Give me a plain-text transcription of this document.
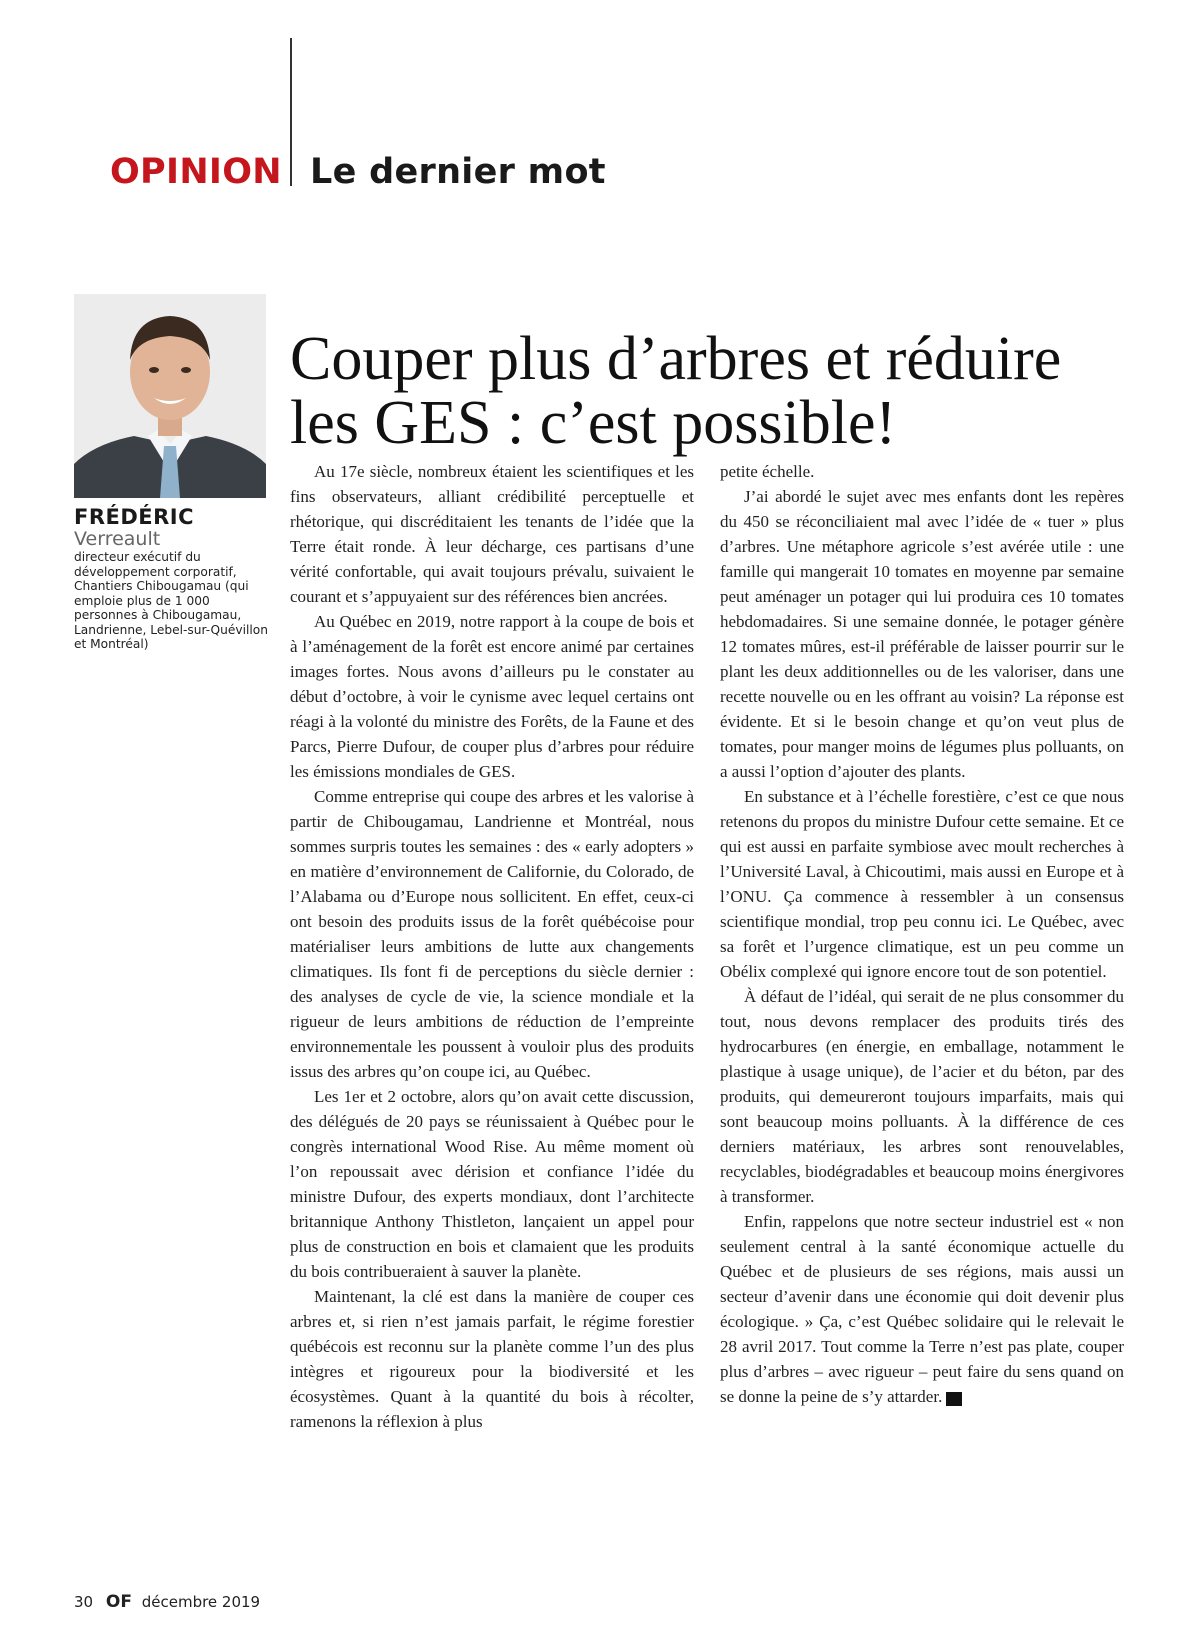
OPINION Le dernier mot
Couper plus d’arbres et réduire
les GES : c’est possible!
FRÉDÉRIC
Verreault
directeur exécutif du développement corporatif, Chantiers Chibougamau (qui emploie plus de 1 000 personnes à Chibougamau, Landrienne, Lebel-sur-Quévillon et Montréal)

Au 17e siècle, nombreux étaient les scientifiques et les fins observateurs, alliant crédibilité perceptuelle et rhétorique, qui discréditaient les tenants de l’idée que la Terre était ronde. À leur décharge, ces partisans d’une vérité confortable, qui avait toujours prévalu, suivaient le courant et s’appuyaient sur des références bien ancrées.

Au Québec en 2019, notre rapport à la coupe de bois et à l’aménagement de la forêt est encore animé par certaines images fortes. Nous avons d’ailleurs pu le constater au début d’octobre, à voir le cynisme avec lequel certains ont réagi à la volonté du ministre des Forêts, de la Faune et des Parcs, Pierre Dufour, de couper plus d’arbres pour réduire les émissions mondiales de GES.

Comme entreprise qui coupe des arbres et les valorise à partir de Chibougamau, Landrienne et Montréal, nous sommes surpris toutes les semaines : des « early adopters » en matière d’environnement de Californie, du Colorado, de l’Alabama ou d’Europe nous sollicitent. En effet, ceux-ci ont besoin des produits issus de la forêt québécoise pour matérialiser leurs ambitions de lutte aux changements climatiques. Ils font fi de perceptions du siècle dernier : des analyses de cycle de vie, la science mondiale et la rigueur de leurs ambitions de réduction de l’empreinte environnementale les poussent à vouloir plus des produits issus des arbres qu’on coupe ici, au Québec.

Les 1er et 2 octobre, alors qu’on avait cette discussion, des délégués de 20 pays se réunissaient à Québec pour le congrès international Wood Rise. Au même moment où l’on repoussait avec dérision et confiance l’idée du ministre Dufour, des experts mondiaux, dont l’architecte britannique Anthony Thistleton, lançaient un appel pour plus de construction en bois et clamaient que les produits du bois contribueraient à sauver la planète.

Maintenant, la clé est dans la manière de couper ces arbres et, si rien n’est jamais parfait, le régime forestier québécois est reconnu sur la planète comme l’un des plus intègres et rigoureux pour la biodiversité et les écosystèmes. Quant à la quantité du bois à récolter, ramenons la réflexion à plus

petite échelle.

J’ai abordé le sujet avec mes enfants dont les repères du 450 se réconciliaient mal avec l’idée de « tuer » plus d’arbres. Une métaphore agricole s’est avérée utile : une famille qui mangerait 10 tomates en moyenne par semaine peut aménager un potager qui lui produira ces 10 tomates hebdomadaires. Si une semaine donnée, le potager génère 12 tomates mûres, est-il préférable de laisser pourrir sur le plant les deux additionnelles ou de les valoriser, dans une recette nouvelle ou en les offrant au voisin? La réponse est évidente. Et si le besoin change et qu’on veut plus de tomates, pour manger moins de légumes plus polluants, on a aussi l’option d’ajouter des plants.

En substance et à l’échelle forestière, c’est ce que nous retenons du propos du ministre Dufour cette semaine. Et ce qui est aussi en parfaite symbiose avec moult recherches à l’Université Laval, à Chicoutimi, mais aussi en Europe et à l’ONU. Ça commence à ressembler à un consensus scientifique mondial, trop peu connu ici. Le Québec, avec sa forêt et l’urgence climatique, est un peu comme un Obélix complexé qui ignore encore tout de son potentiel.

À défaut de l’idéal, qui serait de ne plus consommer du tout, nous devons remplacer des produits tirés des hydrocarbures (en énergie, en emballage, notamment le plastique à usage unique), de l’acier et du béton, par des produits, qui demeureront toujours imparfaits, mais qui sont beaucoup moins polluants. À la différence de ces derniers matériaux, les arbres sont renouvelables, recyclables, biodégradables et beaucoup moins énergivores à transformer.

Enfin, rappelons que notre secteur industriel est « non seulement central à la santé économique actuelle du Québec et de plusieurs de ses régions, mais aussi un secteur d’avenir dans une économie qui doit devenir plus écologique. » Ça, c’est Québec solidaire qui le relevait le 28 avril 2017. Tout comme la Terre n’est pas plate, couper plus d’arbres – avec rigueur – peut faire du sens quand on se donne la peine de s’y attarder.	OF

30 OF décembre 2019
